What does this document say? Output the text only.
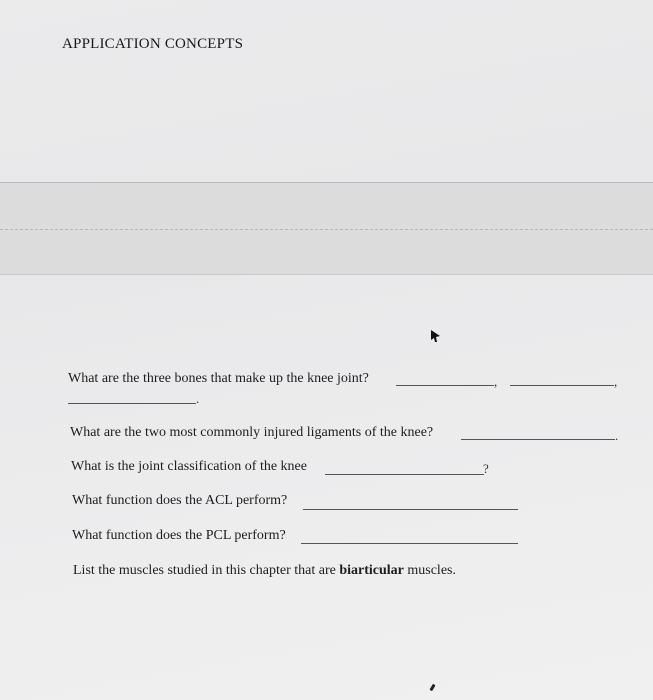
APPLICATION CONCEPTS
What are the three bones that make up the knee joint?	,	,
.
What are the two most commonly injured ligaments of the knee?	.
What is the joint classification of the knee	?
What function does the ACL perform?
What function does the PCL perform?
List the muscles studied in this chapter that are biarticular muscles.
